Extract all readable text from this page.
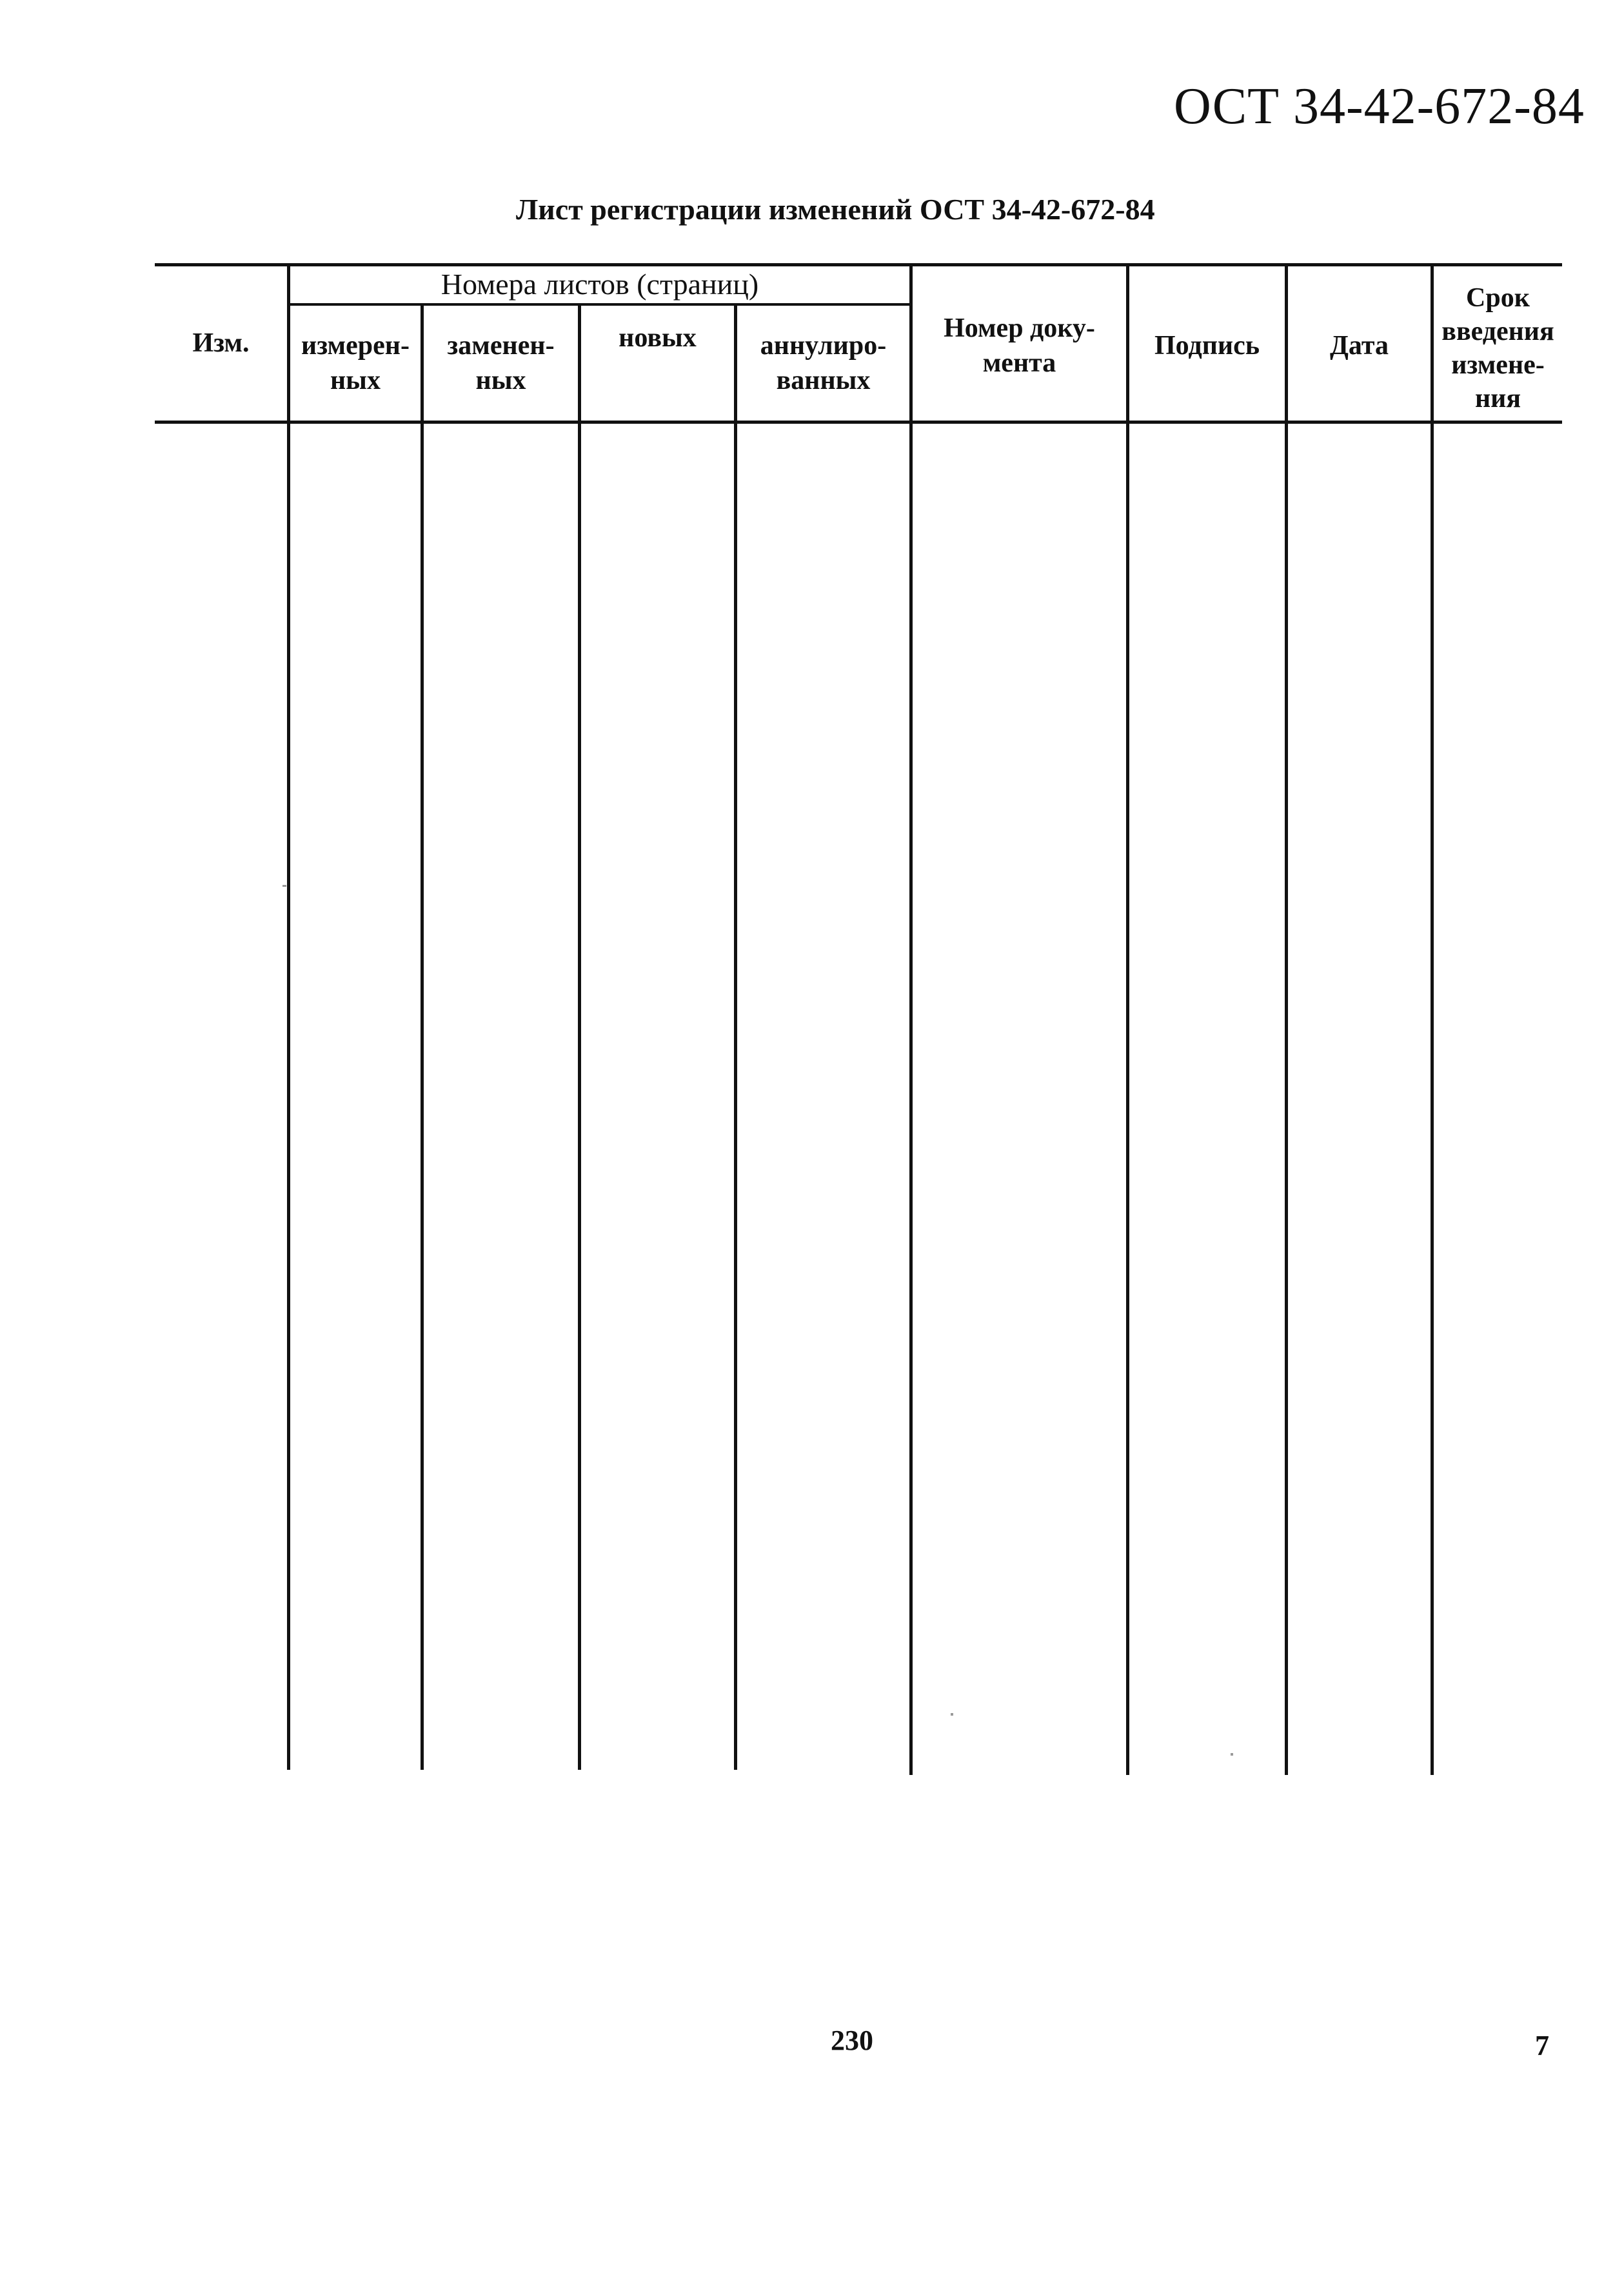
ОСТ 34-42-672-84
Лист регистрации изменений ОСТ 34-42-672-84
Номера листов (страниц)
Изм. измерен-
ных
заменен-
ных
новых аннулиро-
ванных
Номер доку-
мента
Подпись	Дата
Срок
введения
измене-
ния
230	7
